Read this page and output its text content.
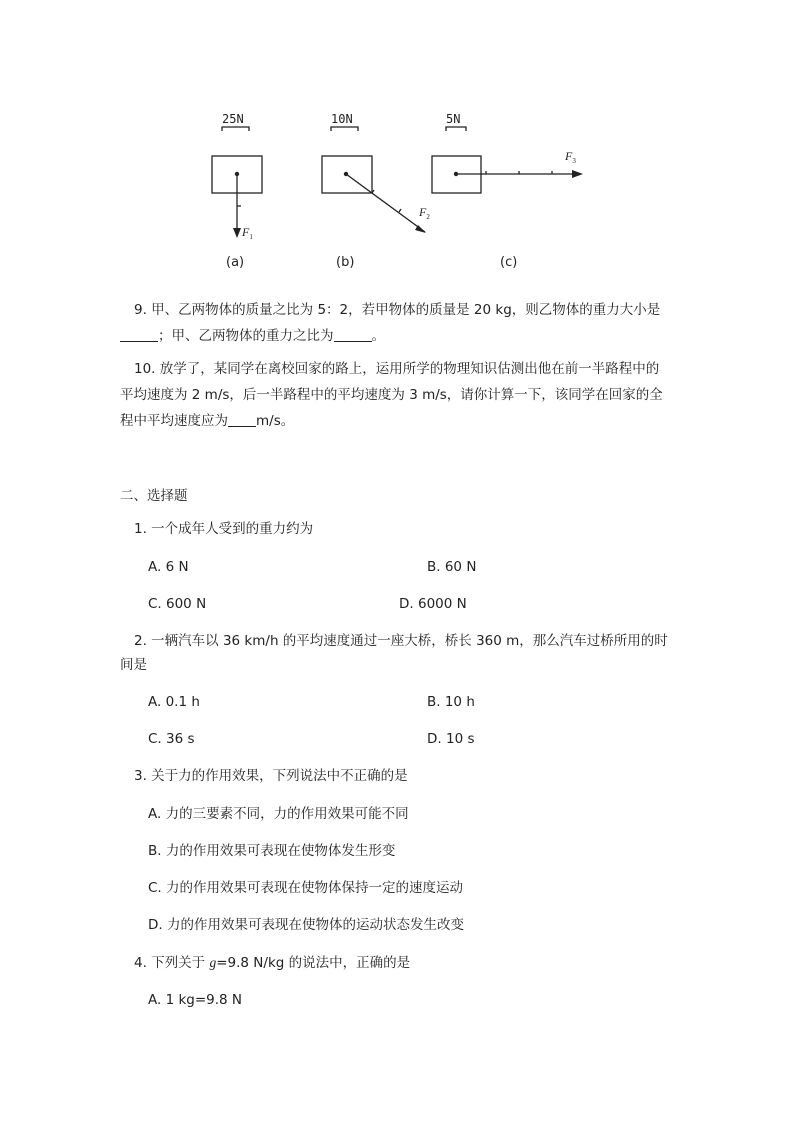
25N	10N	5N
$F_1$
$F_2$
$F_3$
(a)	(b)	(c)
9. 甲、乙两物体的质量之比为 5：2，若甲物体的质量是 20 kg，则乙物体的重力大小是
；甲、乙两物体的重力之比为	。
10. 放学了，某同学在离校回家的路上，运用所学的物理知识估测出他在前一半路程中的
平均速度为 2 m/s，后一半路程中的平均速度为 3 m/s，请你计算一下，该同学在回家的全
程中平均速度应为 m/s。
二、选择题
1. 一个成年人受到的重力约为
A. 6 N	B. 60 N
C. 600 N	D. 6000 N
2. 一辆汽车以 36 km/h 的平均速度通过一座大桥，桥长 360 m，那么汽车过桥所用的时
间是
A. 0.1 h	B. 10 h
C. 36 s	D. 10 s
3. 关于力的作用效果，下列说法中不正确的是
A. 力的三要素不同，力的作用效果可能不同
B. 力的作用效果可表现在使物体发生形变
C. 力的作用效果可表现在使物体保持一定的速度运动
D. 力的作用效果可表现在使物体的运动状态发生改变
4. 下列关于 g=9.8 N/kg 的说法中，正确的是
A. 1 kg=9.8 N
